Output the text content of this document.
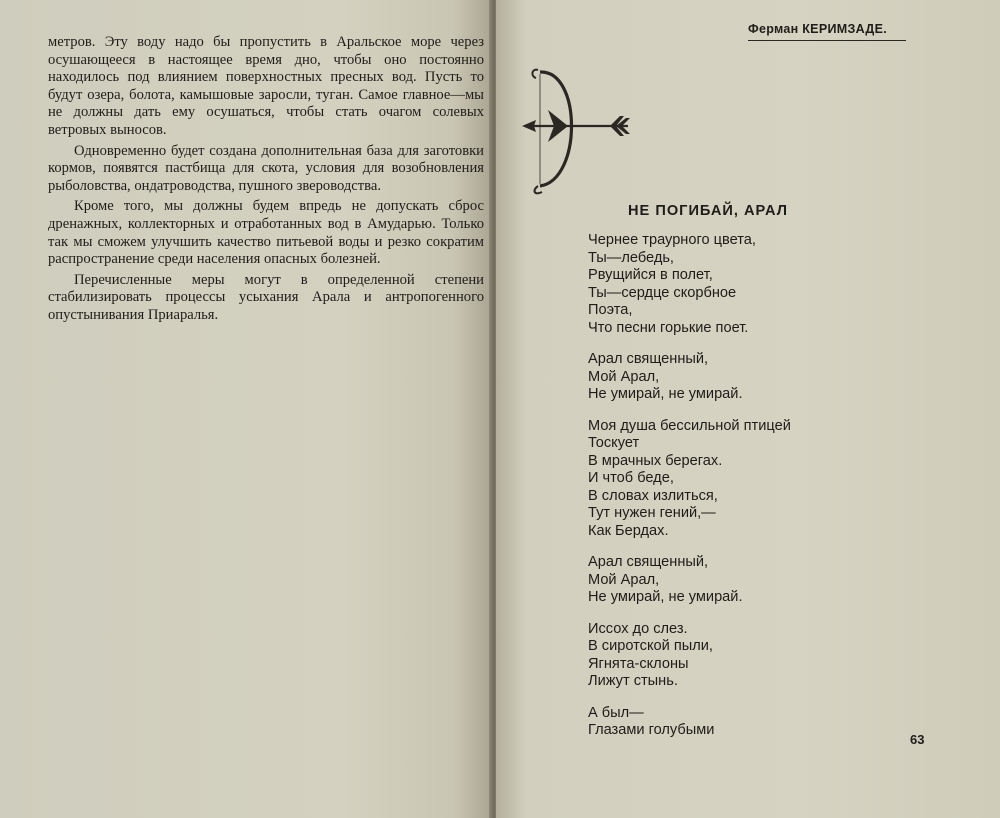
метров. Эту воду надо бы пропустить в Аральское море через осушающееся в настоящее время дно, чтобы оно постоянно находилось под влиянием поверхностных пресных вод. Пусть то будут озера, болота, камышовые заросли, туган. Самое главное—мы не должны дать ему осушаться, чтобы стать очагом солевых ветровых выносов.

Одновременно будет создана дополнительная база для заготовки кормов, появятся пастбища для скота, условия для возобновления рыболовства, ондатроводства, пушного звероводства.

Кроме того, мы должны будем впредь не допускать сброс дренажных, коллекторных и отработанных вод в Амударью. Только так мы сможем улучшить качество питьевой воды и резко сократим распространение среди населения опасных болезней.

Перечисленные меры могут в определенной степени стабилизировать процессы усыхания Арала и антропогенного опустынивания Приаралья.

Ферман КЕРИМЗАДЕ.
НЕ ПОГИБАЙ, АРАЛ
Чернее траурного цвета,
Ты—лебедь,
Рвущийся в полет,
Ты—сердце скорбное
Поэта,
Что песни горькие поет.
Арал священный,
Мой Арал,
Не умирай, не умирай.
Моя душа бессильной птицей
Тоскует
В мрачных берегах.
И чтоб беде,
В словах излиться,
Тут нужен гений,—
Как Бердах.
Арал священный,
Мой Арал,
Не умирай, не умирай.
Иссох до слез.
В сиротской пыли,
Ягнята-склоны
Лижут стынь.
А был—
Глазами голубыми
63
